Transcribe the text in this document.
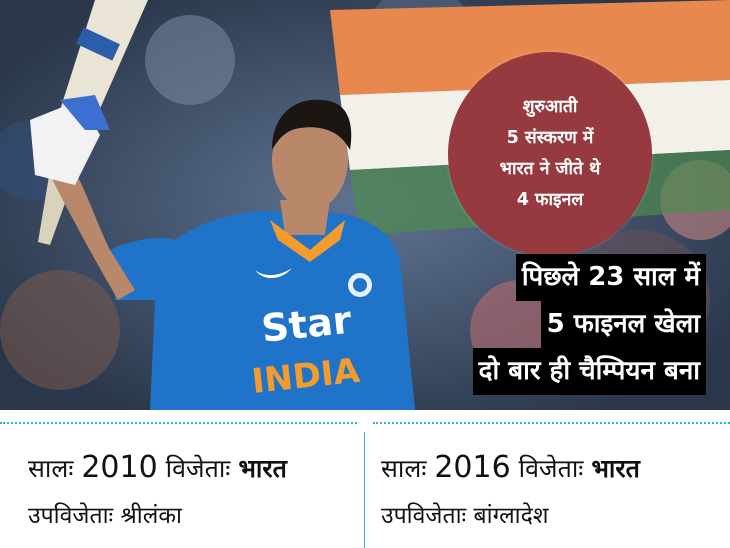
Star
INDIA
शुरुआती
5 संस्करण में
भारत ने जीते थे
4 फाइनल
पिछले 23 साल में
5 फाइनल खेला
दो बार ही चैम्पियन बना
सालः 2010 विजेताः भारत
उपविजेताः श्रीलंका
सालः 2016 विजेताः भारत
उपविजेताः बांग्लादेश
